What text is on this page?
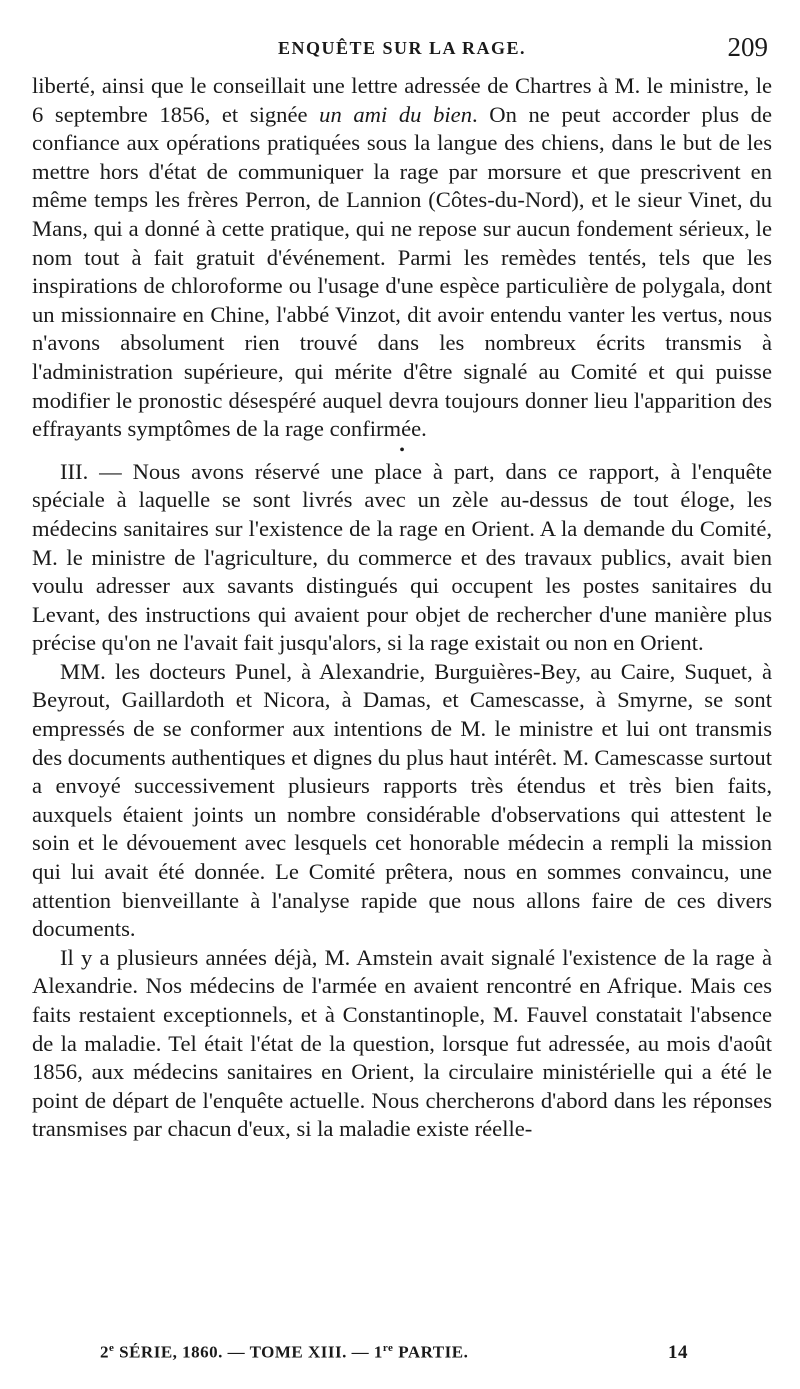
ENQUÊTE SUR LA RAGE.	209

liberté, ainsi que le conseillait une lettre adressée de Chartres à M. le ministre, le 6 septembre 1856, et signée un ami du bien. On ne peut accorder plus de confiance aux opérations pratiquées sous la langue des chiens, dans le but de les mettre hors d'état de communiquer la rage par morsure et que prescrivent en même temps les frères Perron, de Lannion (Côtes-du-Nord), et le sieur Vinet, du Mans, qui a donné à cette pratique, qui ne repose sur aucun fondement sérieux, le nom tout à fait gratuit d'événement. Parmi les remèdes tentés, tels que les inspirations de chloroforme ou l'usage d'une espèce particulière de polygala, dont un missionnaire en Chine, l'abbé Vinzot, dit avoir entendu vanter les vertus, nous n'avons absolument rien trouvé dans les nombreux écrits transmis à l'administration supérieure, qui mérite d'être signalé au Comité et qui puisse modifier le pronostic désespéré auquel devra toujours donner lieu l'apparition des effrayants symptômes de la rage confirmée.

•

III. — Nous avons réservé une place à part, dans ce rapport, à l'enquête spéciale à laquelle se sont livrés avec un zèle au-dessus de tout éloge, les médecins sanitaires sur l'existence de la rage en Orient. A la demande du Comité, M. le ministre de l'agriculture, du commerce et des travaux publics, avait bien voulu adresser aux savants distingués qui occupent les postes sanitaires du Levant, des instructions qui avaient pour objet de rechercher d'une manière plus précise qu'on ne l'avait fait jusqu'alors, si la rage existait ou non en Orient.

MM. les docteurs Punel, à Alexandrie, Burguières-Bey, au Caire, Suquet, à Beyrout, Gaillardoth et Nicora, à Damas, et Camescasse, à Smyrne, se sont empressés de se conformer aux intentions de M. le ministre et lui ont transmis des documents authentiques et dignes du plus haut intérêt. M. Camescasse surtout a envoyé successivement plusieurs rapports très étendus et très bien faits, auxquels étaient joints un nombre considérable d'observations qui attestent le soin et le dévouement avec lesquels cet honorable médecin a rempli la mission qui lui avait été donnée. Le Comité prêtera, nous en sommes convaincu, une attention bienveillante à l'analyse rapide que nous allons faire de ces divers documents.

Il y a plusieurs années déjà, M. Amstein avait signalé l'existence de la rage à Alexandrie. Nos médecins de l'armée en avaient rencontré en Afrique. Mais ces faits restaient exceptionnels, et à Constantinople, M. Fauvel constatait l'absence de la maladie. Tel était l'état de la question, lorsque fut adressée, au mois d'août 1856, aux médecins sanitaires en Orient, la circulaire ministérielle qui a été le point de départ de l'enquête actuelle. Nous chercherons d'abord dans les réponses transmises par chacun d'eux, si la maladie existe réelle-

2e SÉRIE, 1860. — TOME XIII. — 1re PARTIE.	14
